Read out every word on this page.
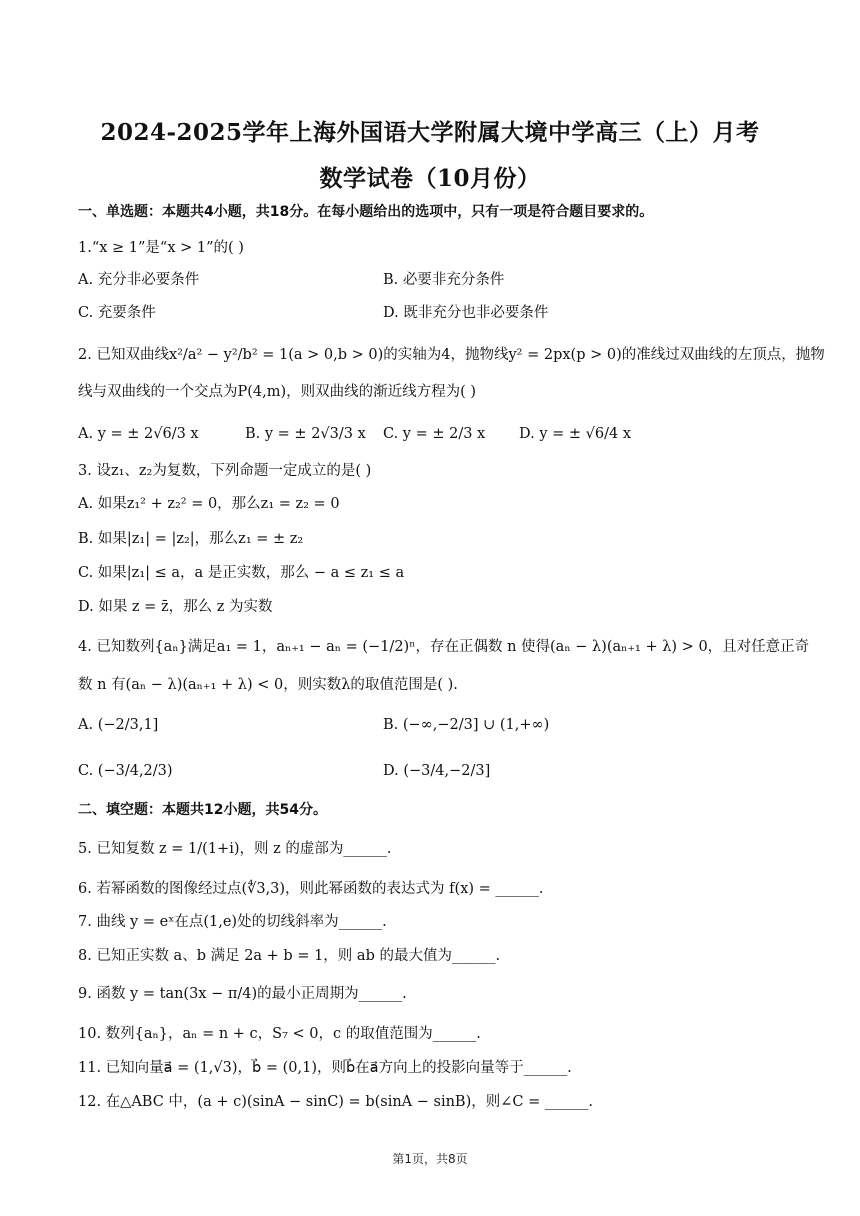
2024-2025学年上海外国语大学附属大境中学高三（上）月考
数学试卷（10月份）
一、单选题：本题共4小题，共18分。在每小题给出的选项中，只有一项是符合题目要求的。
1.“x ≥ 1”是“x > 1”的( )
A. 充分非必要条件	B. 必要非充分条件
C. 充要条件	D. 既非充分也非必要条件
2. 已知双曲线x²/a² − y²/b² = 1(a > 0,b > 0)的实轴为4，抛物线y² = 2px(p > 0)的准线过双曲线的左顶点，抛物
线与双曲线的一个交点为P(4,m)，则双曲线的渐近线方程为( )
A. y = ± 2√6/3 x	B. y = ± 2√3/3 x C. y = ± 2/3 x D. y = ± √6/4 x
3. 设z₁、z₂为复数，下列命题一定成立的是( )
A. 如果z₁² + z₂² = 0，那么z₁ = z₂ = 0
B. 如果|z₁| = |z₂|，那么z₁ = ± z₂
C. 如果|z₁| ≤ a，a 是正实数，那么 − a ≤ z₁ ≤ a
D. 如果 z = z̄，那么 z 为实数
4. 已知数列{aₙ}满足a₁ = 1，aₙ₊₁ − aₙ = (−1/2)ⁿ，存在正偶数 n 使得(aₙ − λ)(aₙ₊₁ + λ) > 0，且对任意正奇
数 n 有(aₙ − λ)(aₙ₊₁ + λ) < 0，则实数λ的取值范围是( ).
A. (−2/3,1]	B. (−∞,−2/3] ∪ (1,+∞)
C. (−3/4,2/3)	D. (−3/4,−2/3]
二、填空题：本题共12小题，共54分。
5. 已知复数 z = 1/(1+i)，则 z 的虚部为______.
6. 若幂函数的图像经过点(∜3,3)，则此幂函数的表达式为 f(x) = ______.
7. 曲线 y = eˣ在点(1,e)处的切线斜率为______.
8. 已知正实数 a、b 满足 2a + b = 1，则 ab 的最大值为______.
9. 函数 y = tan(3x − π/4)的最小正周期为______.
10. 数列{aₙ}，aₙ = n + c，S₇ < 0，c 的取值范围为______.
11. 已知向量a⃗ = (1,√3)，b⃗ = (0,1)，则b⃗在a⃗方向上的投影向量等于______.
12. 在△ABC 中，(a + c)(sinA − sinC) = b(sinA − sinB)，则∠C = ______.
第1页，共8页
